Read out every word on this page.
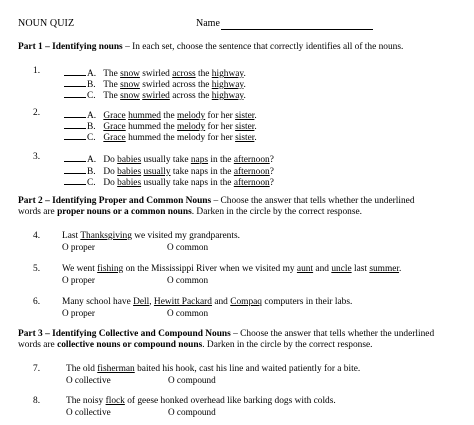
NOUN QUIZ	Name
Part 1 – Identifying nouns – In each set, choose the sentence that correctly identifies all of the nouns.
1.	A. The snow swirled across the highway.
B. The snow swirled across the highway.
C. The snow swirled across the highway.
2.	A. Grace hummed the melody for her sister.
B. Grace hummed the melody for her sister.
C. Grace hummed the melody for her sister.
3.	A. Do babies usually take naps in the afternoon?
B. Do babies usually take naps in the afternoon?
C. Do babies usually take naps in the afternoon?
Part 2 – Identifying Proper and Common Nouns – Choose the answer that tells whether the underlined
words are proper nouns or a common nouns. Darken in the circle by the correct response.
4. Last Thanksgiving we visited my grandparents.
O proper	O common
5. We went fishing on the Mississippi River when we visited my aunt and uncle last summer.
O proper	O common
6. Many school have Dell, Hewitt Packard and Compaq computers in their labs.
O proper	O common
Part 3 – Identifying Collective and Compound Nouns – Choose the answer that tells whether the underlined
words are collective nouns or compound nouns. Darken in the circle by the correct response.
7.	The old fisherman baited his hook, cast his line and waited patiently for a bite.
O collective	O compound
8.	The noisy flock of geese honked overhead like barking dogs with colds.
O collective	O compound
